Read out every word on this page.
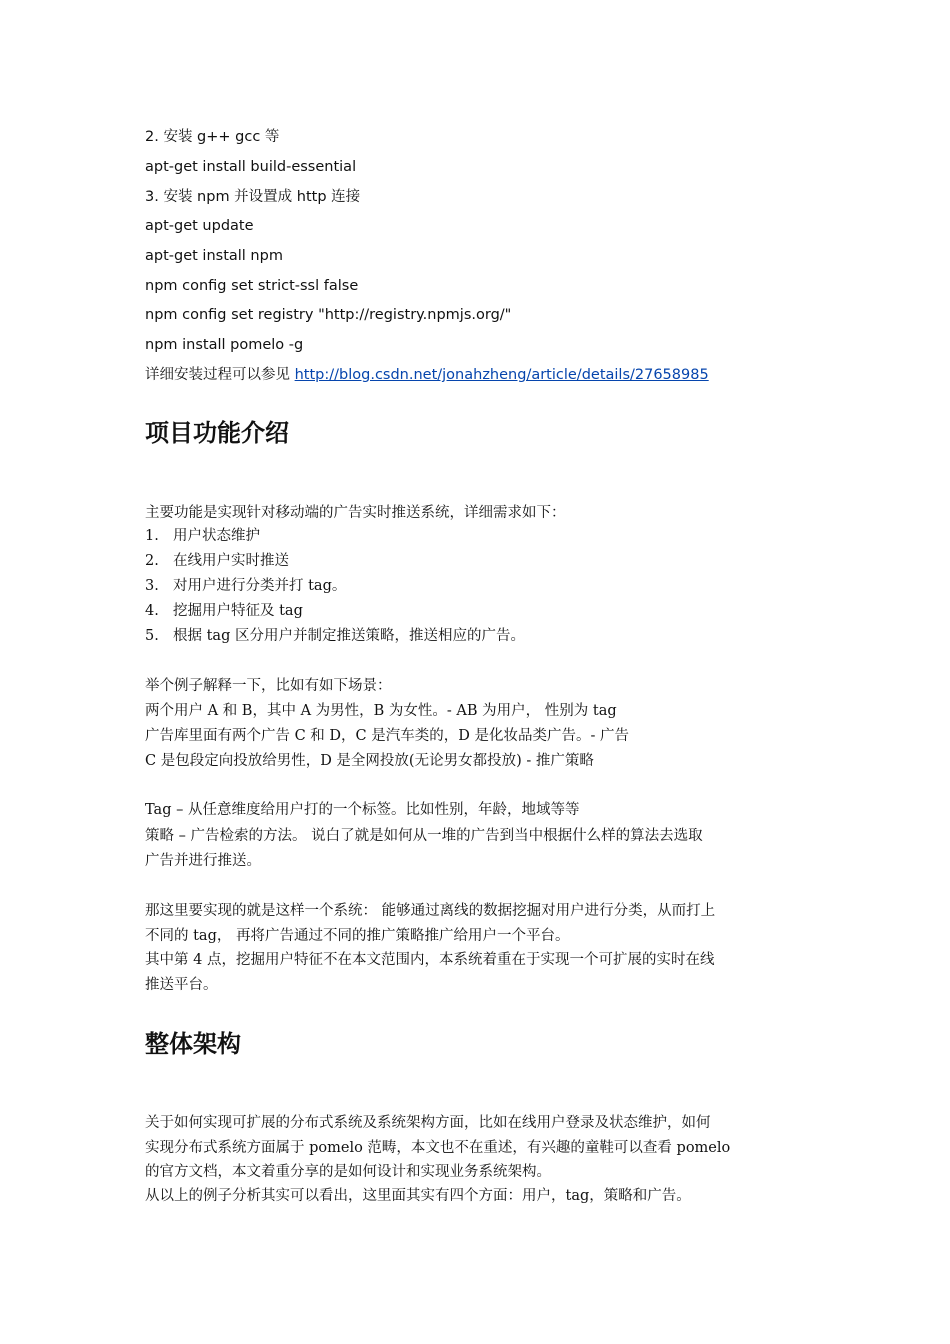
2. 安装 g++ gcc 等
apt-get install build-essential
3. 安装 npm 并设置成 http 连接
apt-get update
apt-get install npm
npm config set strict-ssl false
npm config set registry "http://registry.npmjs.org/"
npm install pomelo -g
详细安装过程可以参见 http://blog.csdn.net/jonahzheng/article/details/27658985
项目功能介绍
主要功能是实现针对移动端的广告实时推送系统，详细需求如下：
1. 用户状态维护
2. 在线用户实时推送
3. 对用户进行分类并打 tag。
4. 挖掘用户特征及 tag
5. 根据 tag 区分用户并制定推送策略，推送相应的广告。
举个例子解释一下，比如有如下场景：
两个用户 A 和 B，其中 A 为男性，B 为女性。- AB 为用户， 性别为 tag
广告库里面有两个广告 C 和 D，C 是汽车类的，D 是化妆品类广告。- 广告
C 是包段定向投放给男性，D 是全网投放(无论男女都投放) - 推广策略
Tag – 从任意维度给用户打的一个标签。比如性别，年龄，地域等等
策略 – 广告检索的方法。 说白了就是如何从一堆的广告到当中根据什么样的算法去选取
广告并进行推送。
那这里要实现的就是这样一个系统： 能够通过离线的数据挖掘对用户进行分类，从而打上
不同的 tag， 再将广告通过不同的推广策略推广给用户一个平台。
其中第 4 点，挖掘用户特征不在本文范围内，本系统着重在于实现一个可扩展的实时在线
推送平台。
整体架构
关于如何实现可扩展的分布式系统及系统架构方面，比如在线用户登录及状态维护，如何
实现分布式系统方面属于 pomelo 范畴，本文也不在重述，有兴趣的童鞋可以查看 pomelo
的官方文档，本文着重分享的是如何设计和实现业务系统架构。
从以上的例子分析其实可以看出，这里面其实有四个方面：用户，tag，策略和广告。
